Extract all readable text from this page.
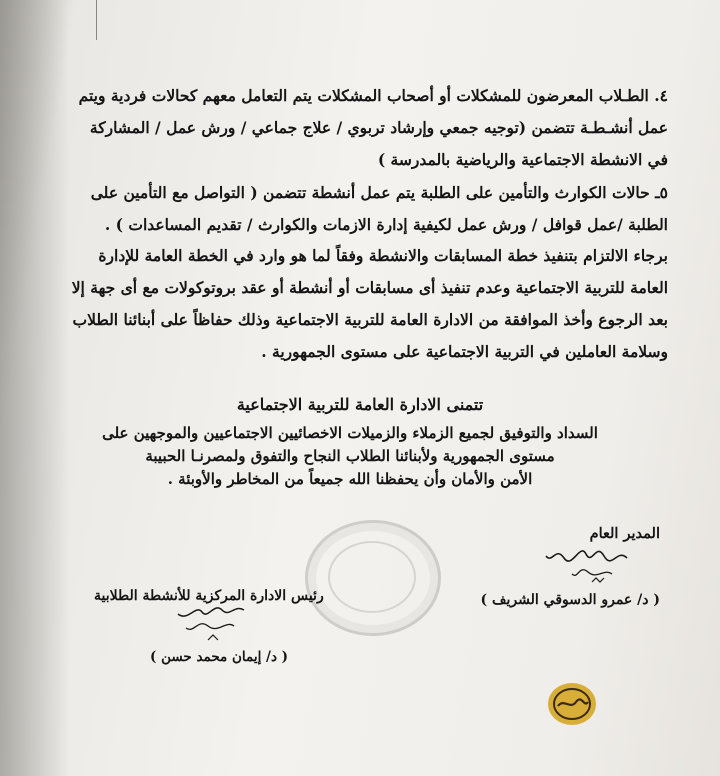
٤. الطـلاب المعرضون للمشكلات أو أصحاب المشكلات يتم التعامل معهم كحالات فردية ويتم
عمل أنشـطـة تتضمن (توجيه جمعي وإرشاد تربوي / علاج جماعي / ورش عمل / المشاركة
في الانشطة الاجتماعية والرياضية بالمدرسة )
٥ـ حالات الكوارث والتأمين على الطلبة يتم عمل أنشطة تتضمن ( التواصل مع التأمين على
الطلبة /عمل قوافل / ورش عمل لكيفية إدارة الازمات والكوارث / تقديم المساعدات ) .
برجاء الالتزام بتنفيذ خطة المسابقات والانشطة وفقاً لما هو وارد في الخطة العامة للإدارة
العامة للتربية الاجتماعية وعدم تنفيذ أى مسابقات أو أنشطة أو عقد بروتوكولات مع أى جهة إلا
بعد الرجوع وأخذ الموافقة من الادارة العامة للتربية الاجتماعية وذلك حفاظاً على أبنائنا الطلاب
وسلامة العاملين في التربية الاجتماعية على مستوى الجمهورية .
تتمنى الادارة العامة للتربية الاجتماعية
السداد والتوفيق لجميع الزملاء والزميلات الاخصائيين الاجتماعيين والموجهين على
مستوى الجمهورية ولأبنائنا الطلاب النجاح والتفوق ولمصرنـا الحبيبة
الأمن والأمان وأن يحفظنا الله جميعاً من المخاطر والأوبئة .
المدير العام
( د/ عمرو الدسوقي الشريف )
رئيس الادارة المركزية للأنشطة الطلابية
( د/ إيمان محمد حسن )
